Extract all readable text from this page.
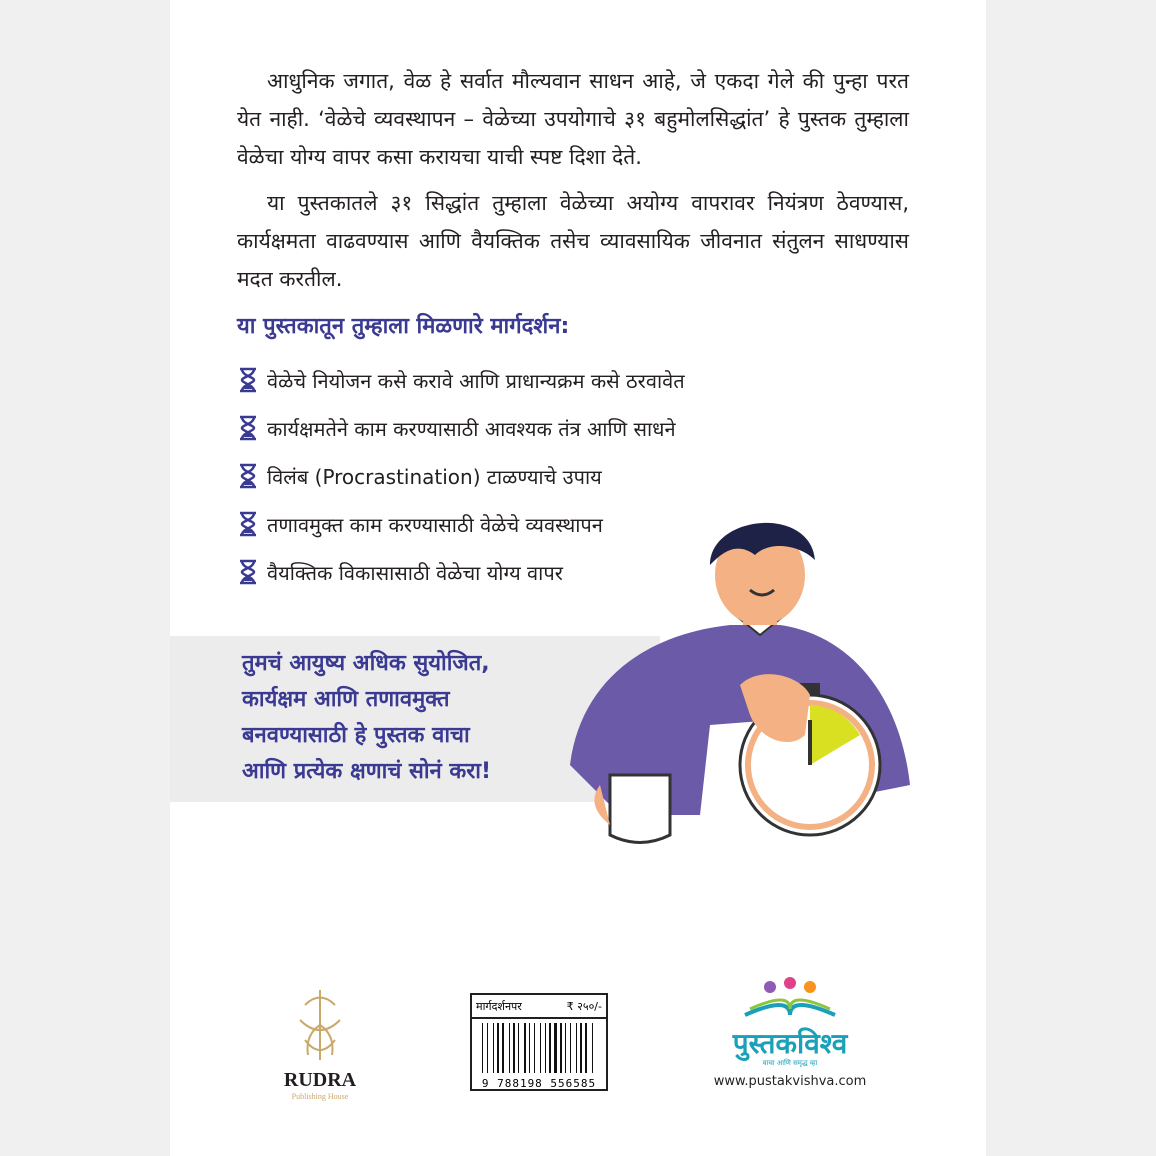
आधुनिक जगात, वेळ हे सर्वात मौल्यवान साधन आहे, जे एकदा गेले की पुन्हा परत येत नाही. ‘वेळेचे व्यवस्थापन – वेळेच्या उपयोगाचे ३१ बहुमोलसिद्धांत’ हे पुस्तक तुम्हाला वेळेचा योग्य वापर कसा करायचा याची स्पष्ट दिशा देते.

या पुस्तकातले ३१ सिद्धांत तुम्हाला वेळेच्या अयोग्य वापरावर नियंत्रण ठेवण्यास, कार्यक्षमता वाढवण्यास आणि वैयक्तिक तसेच व्यावसायिक जीवनात संतुलन साधण्यास मदत करतील.

या पुस्तकातून तुम्हाला मिळणारे मार्गदर्शन:

वेळेचे नियोजन कसे करावे आणि प्राधान्यक्रम कसे ठरवावेत
कार्यक्षमतेने काम करण्यासाठी आवश्यक तंत्र आणि साधने
विलंब (Procrastination) टाळण्याचे उपाय
तणावमुक्त काम करण्यासाठी वेळेचे व्यवस्थापन
वैयक्तिक विकासासाठी वेळेचा योग्य वापर

तुमचं आयुष्य अधिक सुयोजित,
कार्यक्षम आणि तणावमुक्त
बनवण्यासाठी हे पुस्तक वाचा
आणि प्रत्येक क्षणाचं सोनं करा!

RUDRA
Publishing House
मार्गदर्शनपर	₹ २५०/-
9 788198 556585
पुस्तकविश्व
वाचा आणि समृद्ध व्हा
www.pustakvishva.com
